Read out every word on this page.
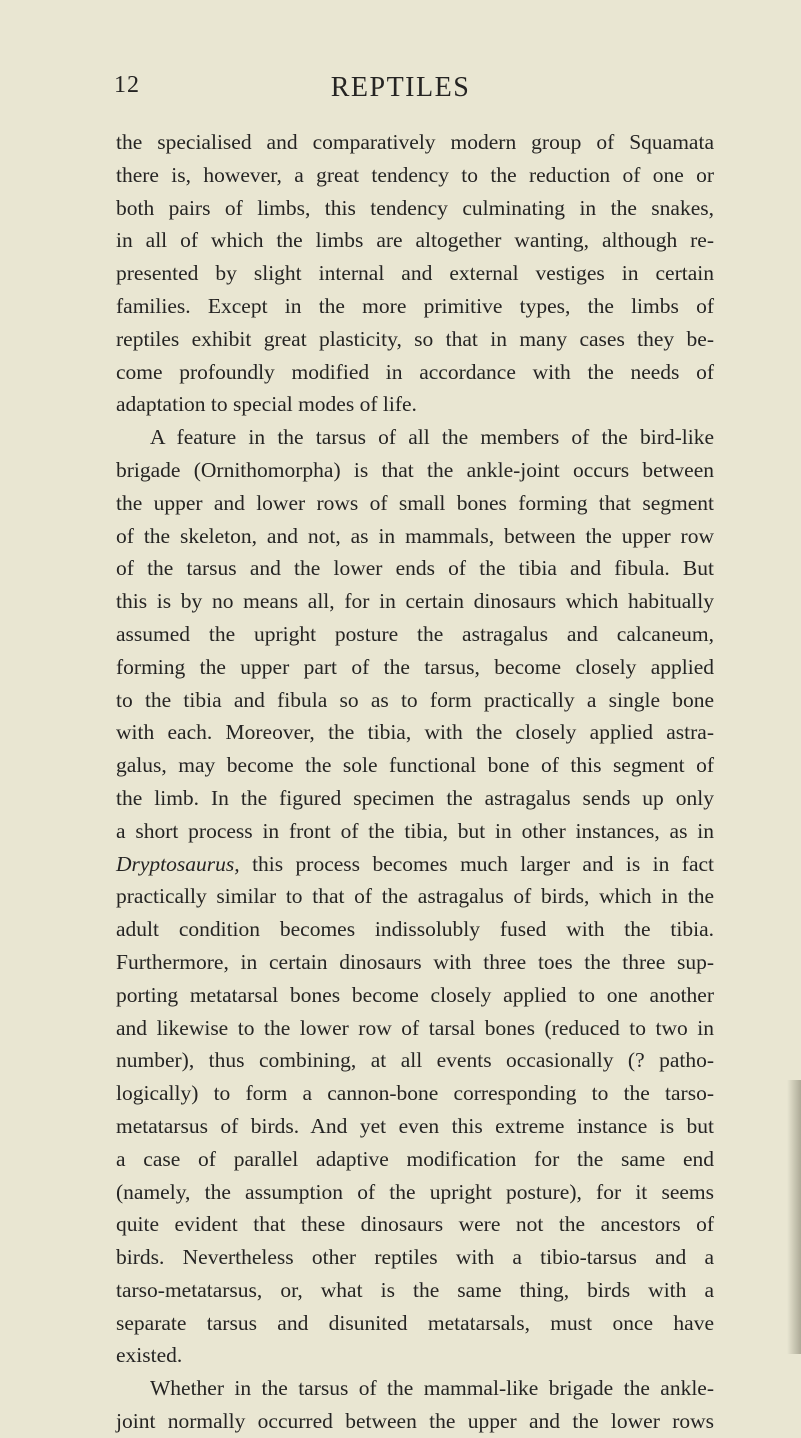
12	REPTILES
the specialised and comparatively modern group of Squamata
there is, however, a great tendency to the reduction of one or
both pairs of limbs, this tendency culminating in the snakes,
in all of which the limbs are altogether wanting, although re-
presented by slight internal and external vestiges in certain
families. Except in the more primitive types, the limbs of
reptiles exhibit great plasticity, so that in many cases they be-
come profoundly modified in accordance with the needs of
adaptation to special modes of life.
A feature in the tarsus of all the members of the bird-like
brigade (Ornithomorpha) is that the ankle-joint occurs between
the upper and lower rows of small bones forming that segment
of the skeleton, and not, as in mammals, between the upper row
of the tarsus and the lower ends of the tibia and fibula. But
this is by no means all, for in certain dinosaurs which habitually
assumed the upright posture the astragalus and calcaneum,
forming the upper part of the tarsus, become closely applied
to the tibia and fibula so as to form practically a single bone
with each. Moreover, the tibia, with the closely applied astra-
galus, may become the sole functional bone of this segment of
the limb. In the figured specimen the astragalus sends up only
a short process in front of the tibia, but in other instances, as in
Dryptosaurus, this process becomes much larger and is in fact
practically similar to that of the astragalus of birds, which in the
adult condition becomes indissolubly fused with the tibia.
Furthermore, in certain dinosaurs with three toes the three sup-
porting metatarsal bones become closely applied to one another
and likewise to the lower row of tarsal bones (reduced to two in
number), thus combining, at all events occasionally (? patho-
logically) to form a cannon-bone corresponding to the tarso-
metatarsus of birds. And yet even this extreme instance is but
a case of parallel adaptive modification for the same end
(namely, the assumption of the upright posture), for it seems
quite evident that these dinosaurs were not the ancestors of
birds. Nevertheless other reptiles with a tibio-tarsus and a
tarso-metatarsus, or, what is the same thing, birds with a
separate tarsus and disunited metatarsals, must once have
existed.
Whether in the tarsus of the mammal-like brigade the ankle-
joint normally occurred between the upper and the lower rows
